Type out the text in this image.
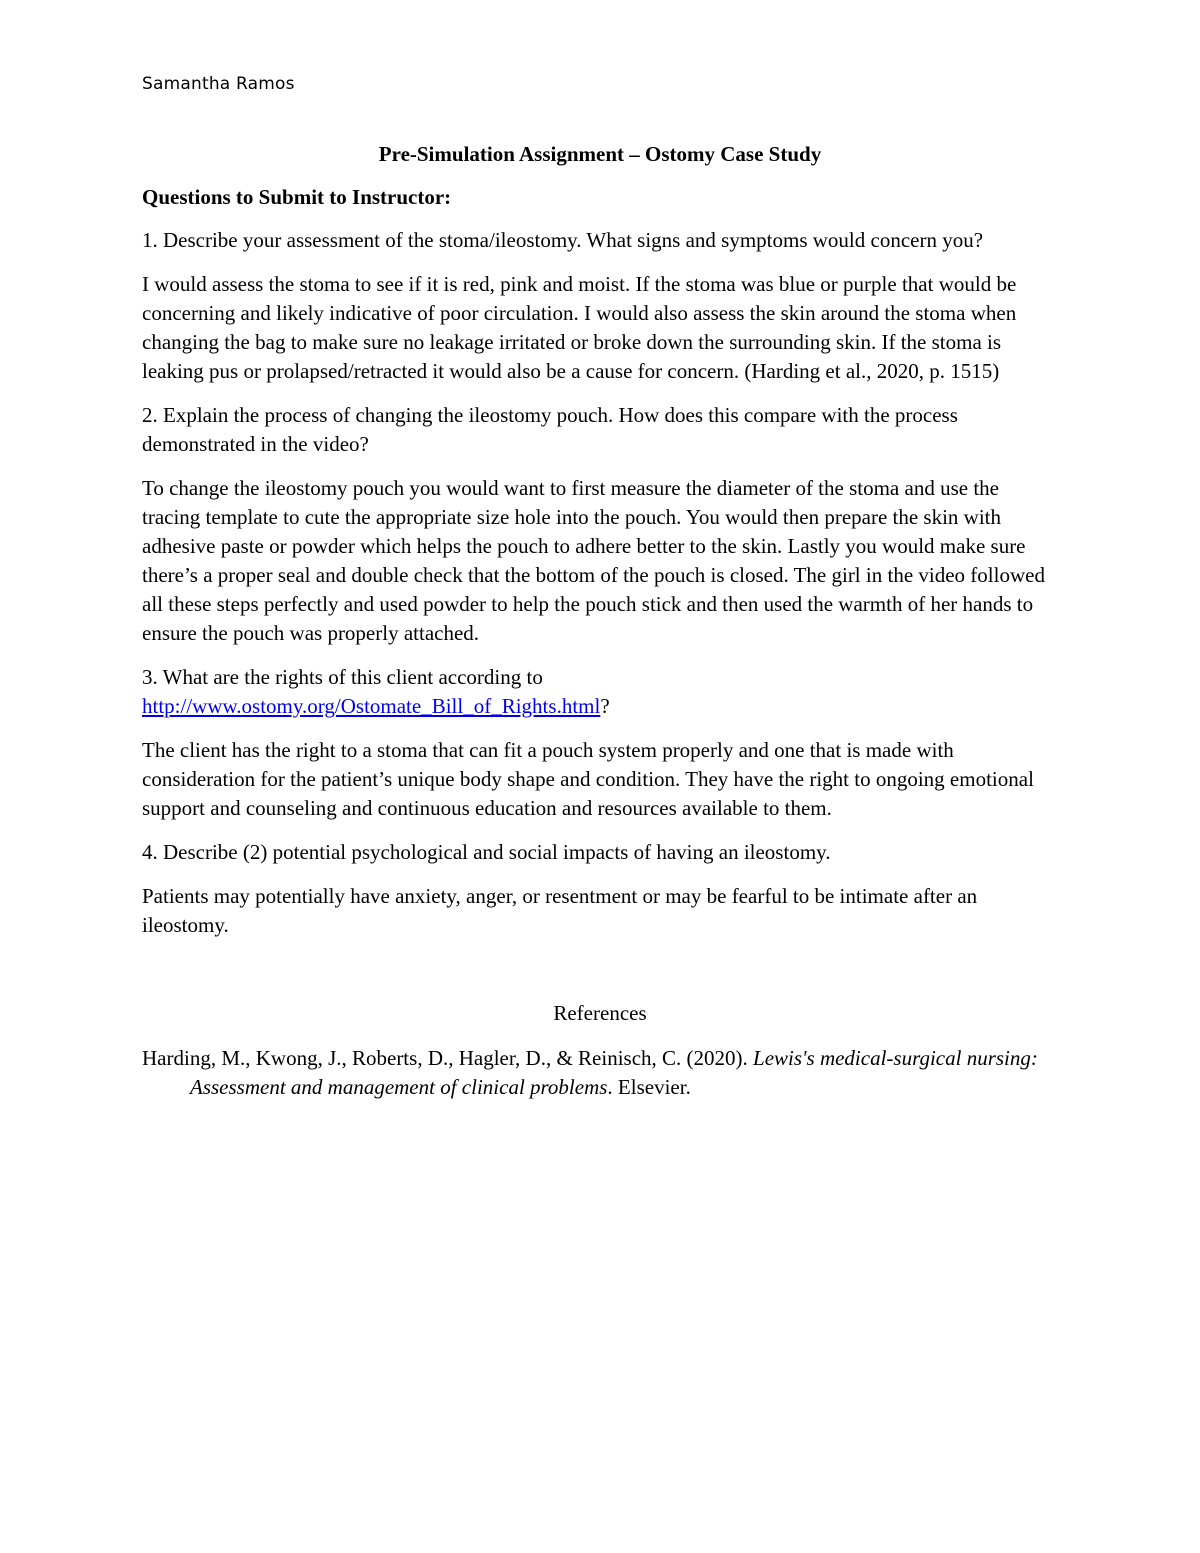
Samantha Ramos
Pre-Simulation Assignment – Ostomy Case Study
Questions to Submit to Instructor:

1. Describe your assessment of the stoma/ileostomy. What signs and symptoms would concern you?

I would assess the stoma to see if it is red, pink and moist. If the stoma was blue or purple that would be concerning and likely indicative of poor circulation. I would also assess the skin around the stoma when changing the bag to make sure no leakage irritated or broke down the surrounding skin. If the stoma is leaking pus or prolapsed/retracted it would also be a cause for concern. (Harding et al., 2020, p. 1515)

2. Explain the process of changing the ileostomy pouch. How does this compare with the process demonstrated in the video?

To change the ileostomy pouch you would want to first measure the diameter of the stoma and use the tracing template to cute the appropriate size hole into the pouch. You would then prepare the skin with adhesive paste or powder which helps the pouch to adhere better to the skin. Lastly you would make sure there’s a proper seal and double check that the bottom of the pouch is closed. The girl in the video followed all these steps perfectly and used powder to help the pouch stick and then used the warmth of her hands to ensure the pouch was properly attached.

3. What are the rights of this client according to
http://www.ostomy.org/Ostomate_Bill_of_Rights.html?

The client has the right to a stoma that can fit a pouch system properly and one that is made with consideration for the patient’s unique body shape and condition. They have the right to ongoing emotional support and counseling and continuous education and resources available to them.

4. Describe (2) potential psychological and social impacts of having an ileostomy.

Patients may potentially have anxiety, anger, or resentment or may be fearful to be intimate after an ileostomy.

References

Harding, M., Kwong, J., Roberts, D., Hagler, D., & Reinisch, C. (2020). Lewis's medical-surgical nursing: Assessment and management of clinical problems. Elsevier.
